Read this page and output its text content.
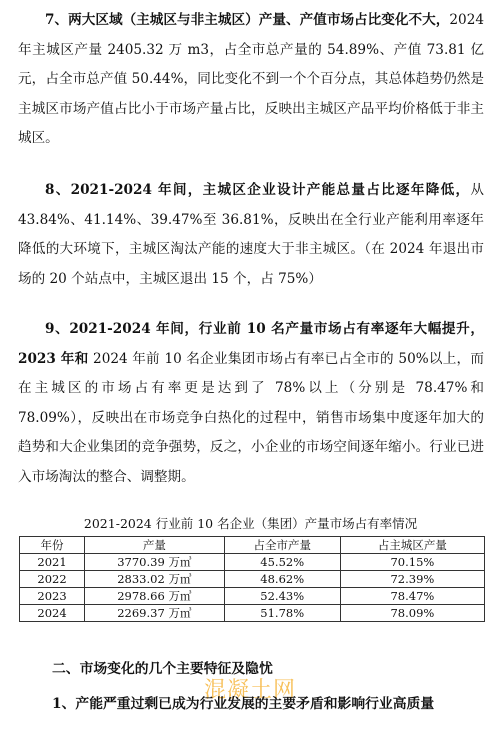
7、两大区域（主城区与非主城区）产量、产值市场占比变化不大，2024 年主城区产量 2405.32 万 m3，占全市总产量的 54.89%、产值 73.81 亿元，占全市总产值 50.44%，同比变化不到一个个百分点，其总体趋势仍然是主城区市场产值占比小于市场产量占比，反映出主城区产品平均价格低于非主城区。
8、2021-2024 年间，主城区企业设计产能总量占比逐年降低，从 43.84%、41.14%、39.47%至 36.81%，反映出在全行业产能利用率逐年降低的大环境下，主城区淘汰产能的速度大于非主城区。（在 2024 年退出市场的 20 个站点中，主城区退出 15 个，占 75%）
9、2021-2024 年间，行业前 10 名产量市场占有率逐年大幅提升，2023 年和 2024 年前 10 名企业集团市场占有率已占全市的 50%以上，而在主城区的市场占有率更是达到了 78%以上（分别是 78.47%和 78.09%），反映出在市场竞争白热化的过程中，销售市场集中度逐年加大的趋势和大企业集团的竞争强势，反之，小企业的市场空间逐年缩小。行业已进入市场淘汰的整合、调整期。
2021-2024 行业前 10 名企业（集团）产量市场占有率情况
年份	产量	占全市产量	占主城区产量
2021	3770.39 万㎥	45.52%	70.15%
2022	2833.02 万㎥	48.62%	72.39%
2023	2978.66 万㎥	52.43%	78.47%
2024	2269.37 万㎥	51.78%	78.09%
二、市场变化的几个主要特征及隐忧
混凝土网
1、产能严重过剩已成为行业发展的主要矛盾和影响行业高质量
